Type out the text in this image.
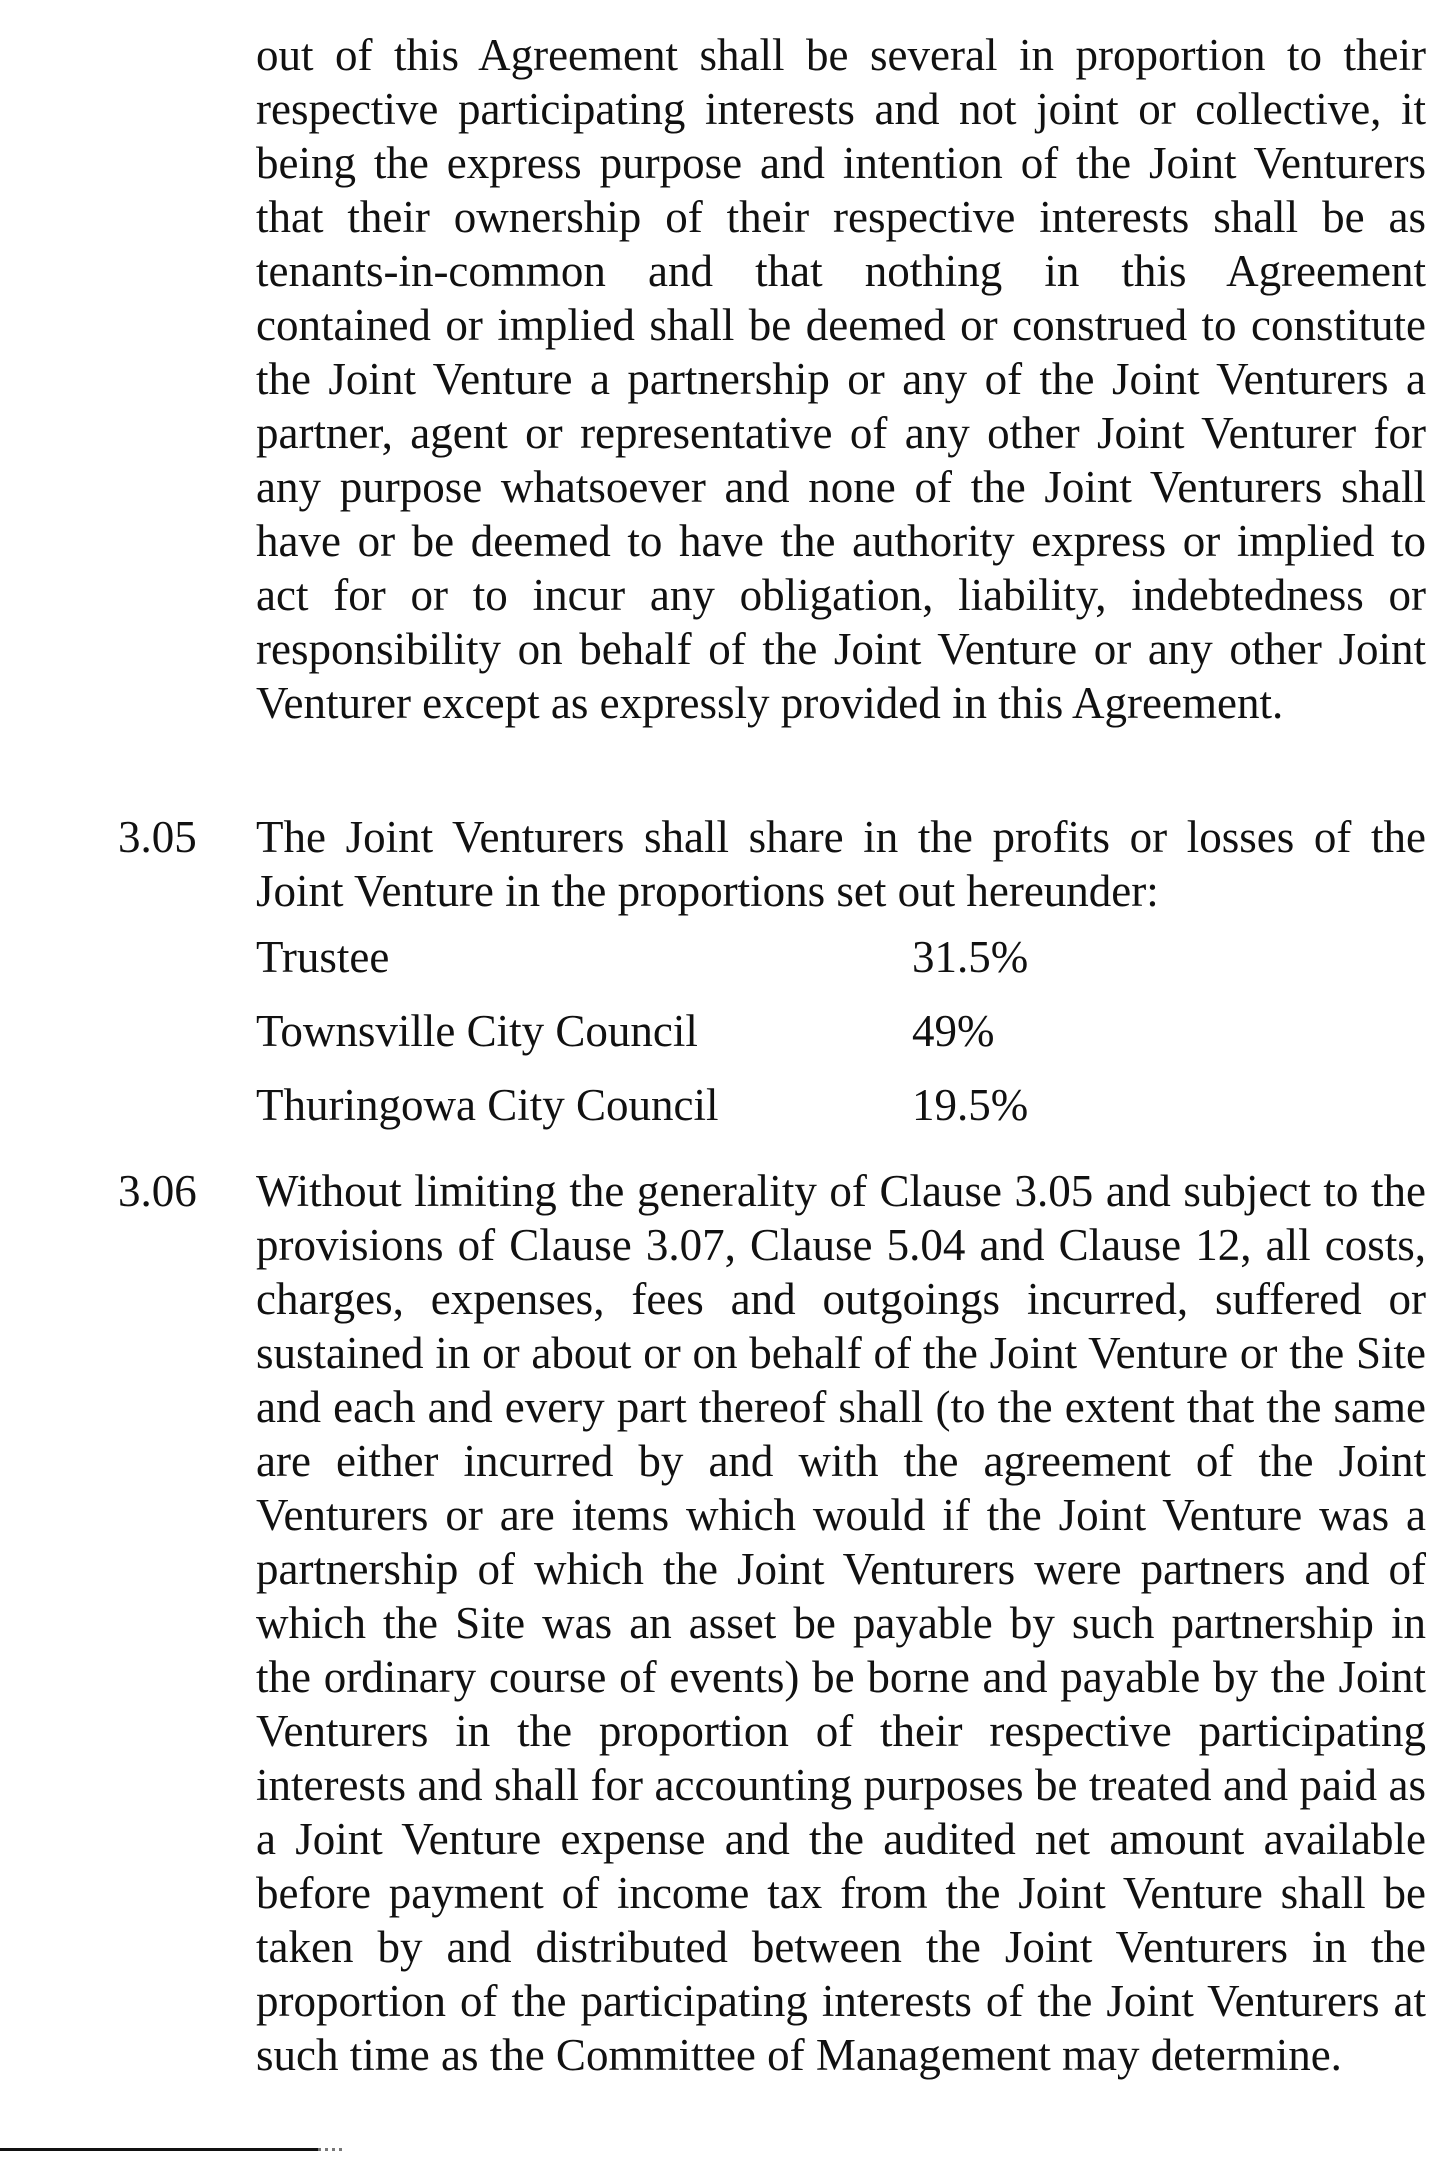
out of this Agreement shall be several in proportion to their respective participating interests and not joint or collective, it being the express purpose and intention of the Joint Venturers that their ownership of their respective interests shall be as tenants-in-common and that nothing in this Agreement contained or implied shall be deemed or construed to constitute the Joint Venture a partnership or any of the Joint Venturers a partner, agent or representative of any other Joint Venturer for any purpose whatsoever and none of the Joint Venturers shall have or be deemed to have the authority express or implied to act for or to incur any obligation, liability, indebtedness or responsibility on behalf of the Joint Venture or any other Joint Venturer except as expressly provided in this Agreement.

3.05 The Joint Venturers shall share in the profits or losses of the Joint Venture in the proportions set out hereunder:

Trustee	31.5%
Townsville City Council	49%
Thuringowa City Council	19.5%
3.06 Without limiting the generality of Clause 3.05 and subject to the provisions of Clause 3.07, Clause 5.04 and Clause 12, all costs, charges, expenses, fees and outgoings incurred, suffered or sustained in or about or on behalf of the Joint Venture or the Site and each and every part thereof shall (to the extent that the same are either incurred by and with the agreement of the Joint Venturers or are items which would if the Joint Venture was a partnership of which the Joint Venturers were partners and of which the Site was an asset be payable by such partnership in the ordinary course of events) be borne and payable by the Joint Venturers in the proportion of their respective participating interests and shall for accounting purposes be treated and paid as a Joint Venture expense and the audited net amount available before payment of income tax from the Joint Venture shall be taken by and distributed between the Joint Venturers in the proportion of the participating interests of the Joint Venturers at such time as the Committee of Management may determine.
